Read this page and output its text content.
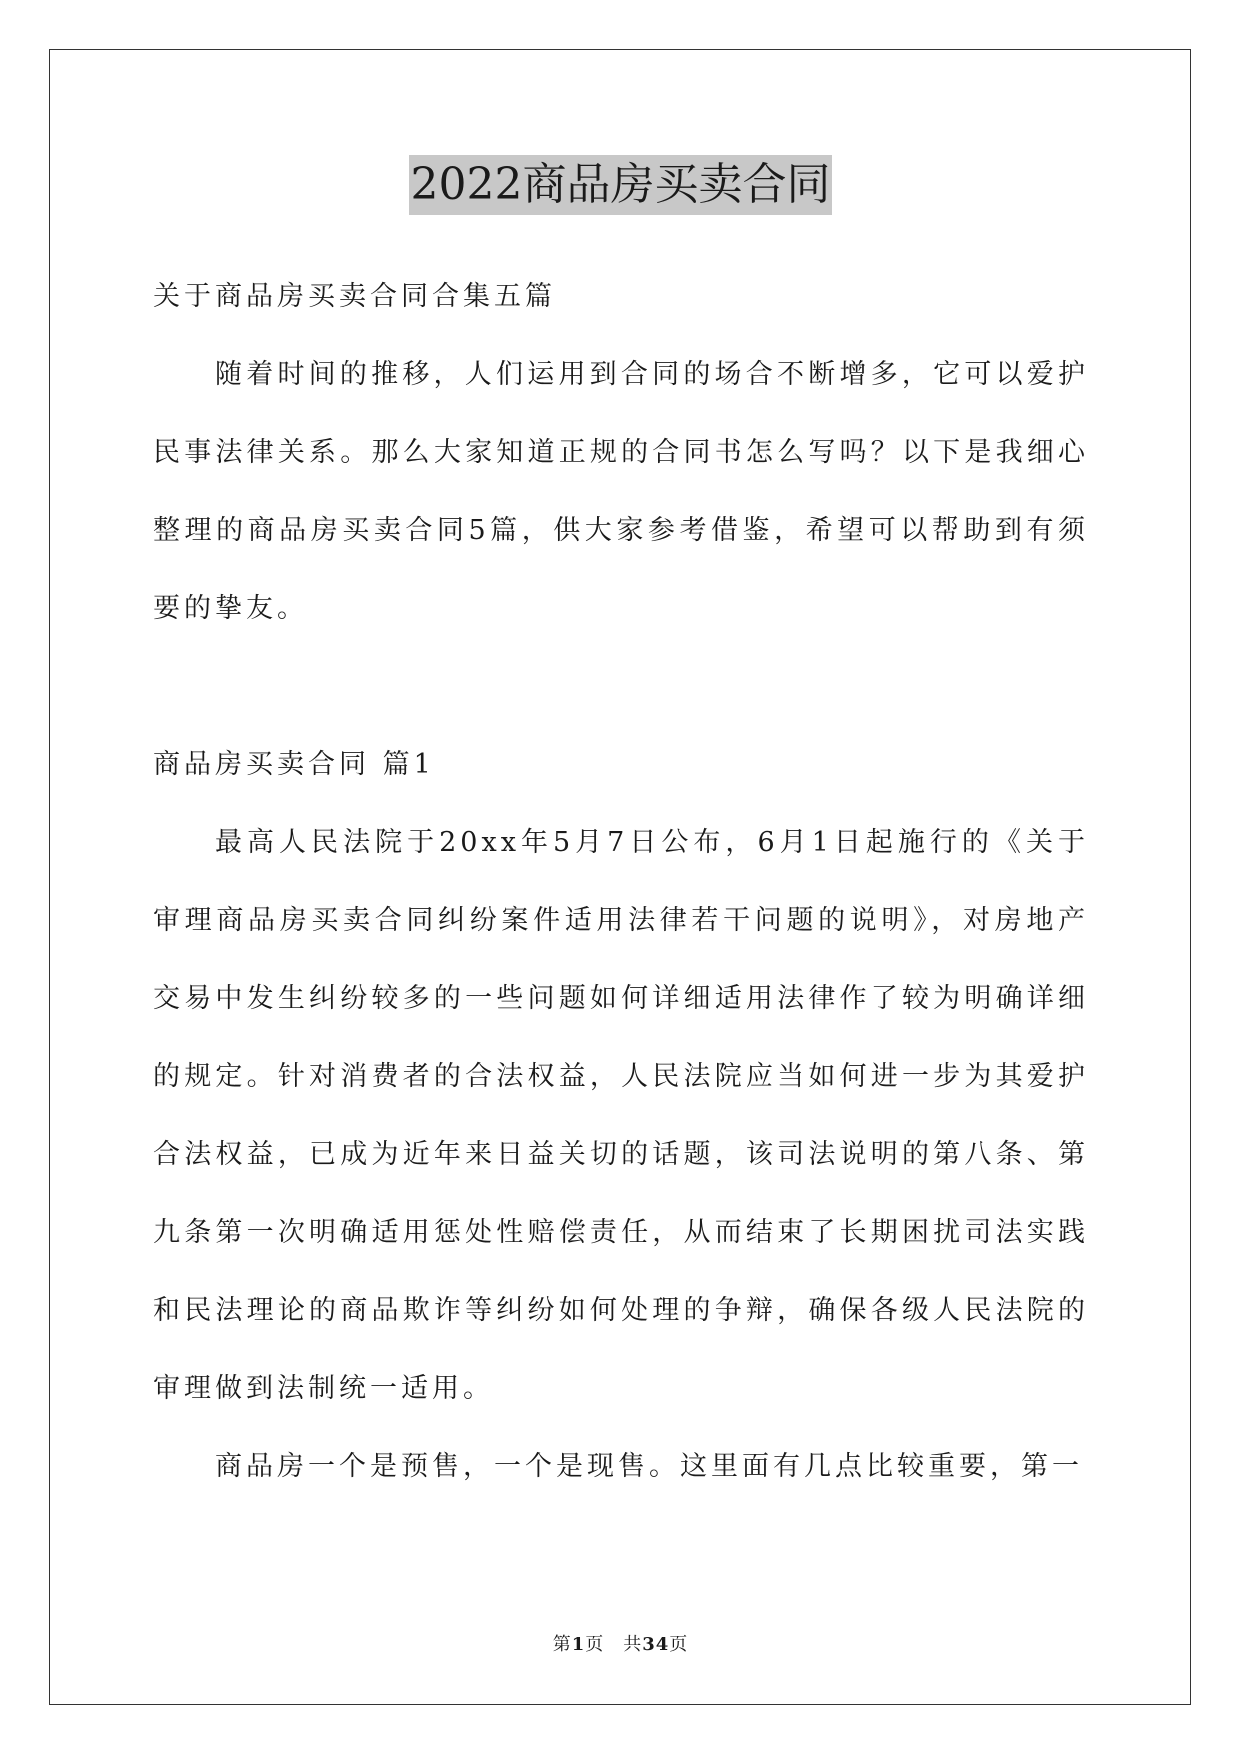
2022商品房买卖合同

关于商品房买卖合同合集五篇

随着时间的推移，人们运用到合同的场合不断增多，它可以爱护民事法律关系。那么大家知道正规的合同书怎么写吗？以下是我细心整理的商品房买卖合同5篇，供大家参考借鉴，希望可以帮助到有须要的挚友。

商品房买卖合同 篇1

最高人民法院于20xx年5月7日公布，6月1日起施行的《关于审理商品房买卖合同纠纷案件适用法律若干问题的说明》，对房地产交易中发生纠纷较多的一些问题如何详细适用法律作了较为明确详细的规定。针对消费者的合法权益，人民法院应当如何进一步为其爱护合法权益，已成为近年来日益关切的话题，该司法说明的第八条、第九条第一次明确适用惩处性赔偿责任，从而结束了长期困扰司法实践和民法理论的商品欺诈等纠纷如何处理的争辩，确保各级人民法院的审理做到法制统一适用。

商品房一个是预售，一个是现售。这里面有几点比较重要，第一

第1页　共34页
